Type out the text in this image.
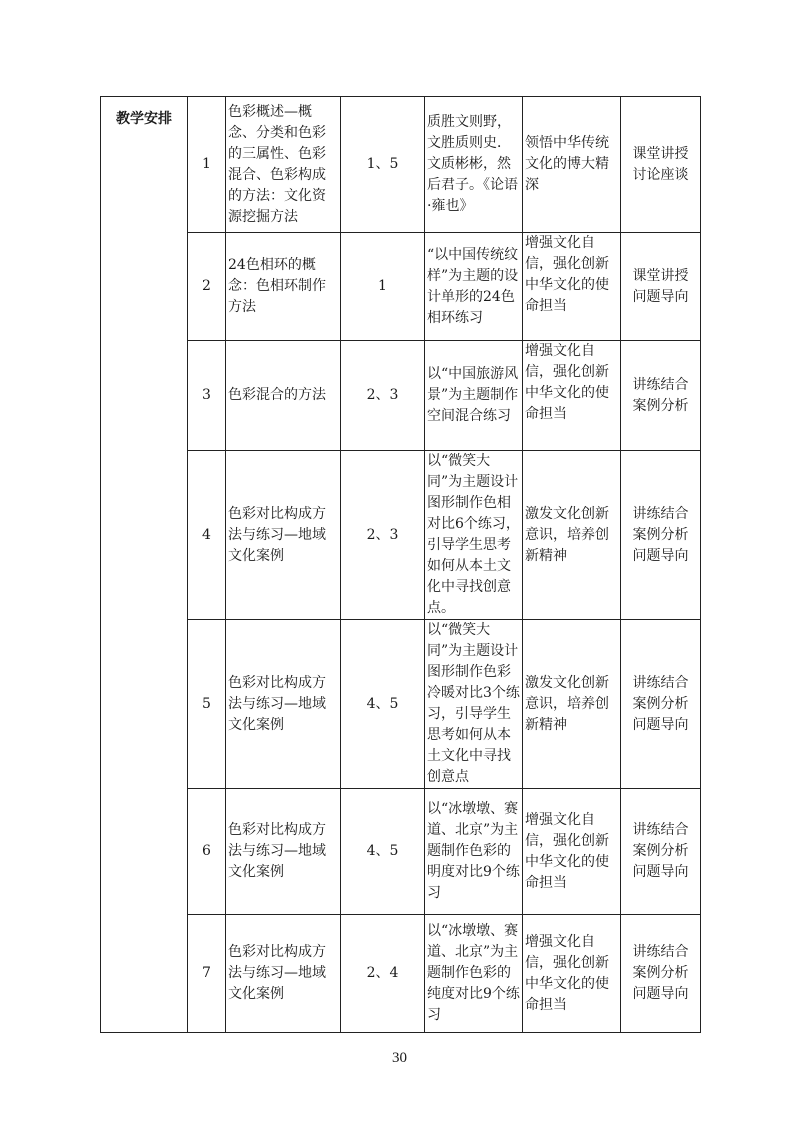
教学安排	1	色彩概述—概念、分类和色彩的三属性、色彩混合、色彩构成的方法：文化资源挖掘方法	1、5	质胜文则野，文胜质则史．文质彬彬，然后君子。《论语·雍也》	领悟中华传统文化的博大精深	课堂讲授讨论座谈
	2	24色相环的概念：色相环制作方法	1	“以中国传统纹样”为主题的设计单形的24色相环练习	增强文化自信，强化创新中华文化的使命担当	课堂讲授问题导向
	3	色彩混合的方法	2、3	以“中国旅游风景”为主题制作空间混合练习	增强文化自信，强化创新中华文化的使命担当	讲练结合案例分析
	4	色彩对比构成方法与练习—地域文化案例	2、3	以“微笑大同”为主题设计图形制作色相对比6个练习，引导学生思考如何从本土文化中寻找创意点。	激发文化创新意识，培养创新精神	讲练结合案例分析问题导向
	5	色彩对比构成方法与练习—地域文化案例	4、5	以“微笑大同”为主题设计图形制作色彩冷暖对比3个练习，引导学生思考如何从本土文化中寻找创意点	激发文化创新意识，培养创新精神	讲练结合案例分析问题导向
	6	色彩对比构成方法与练习—地域文化案例	4、5	以“冰墩墩、赛道、北京”为主题制作色彩的明度对比9个练习	增强文化自信，强化创新中华文化的使命担当	讲练结合案例分析问题导向
	7	色彩对比构成方法与练习—地域文化案例	2、4	以“冰墩墩、赛道、北京”为主题制作色彩的纯度对比9个练习	增强文化自信，强化创新中华文化的使命担当	讲练结合案例分析问题导向
30
